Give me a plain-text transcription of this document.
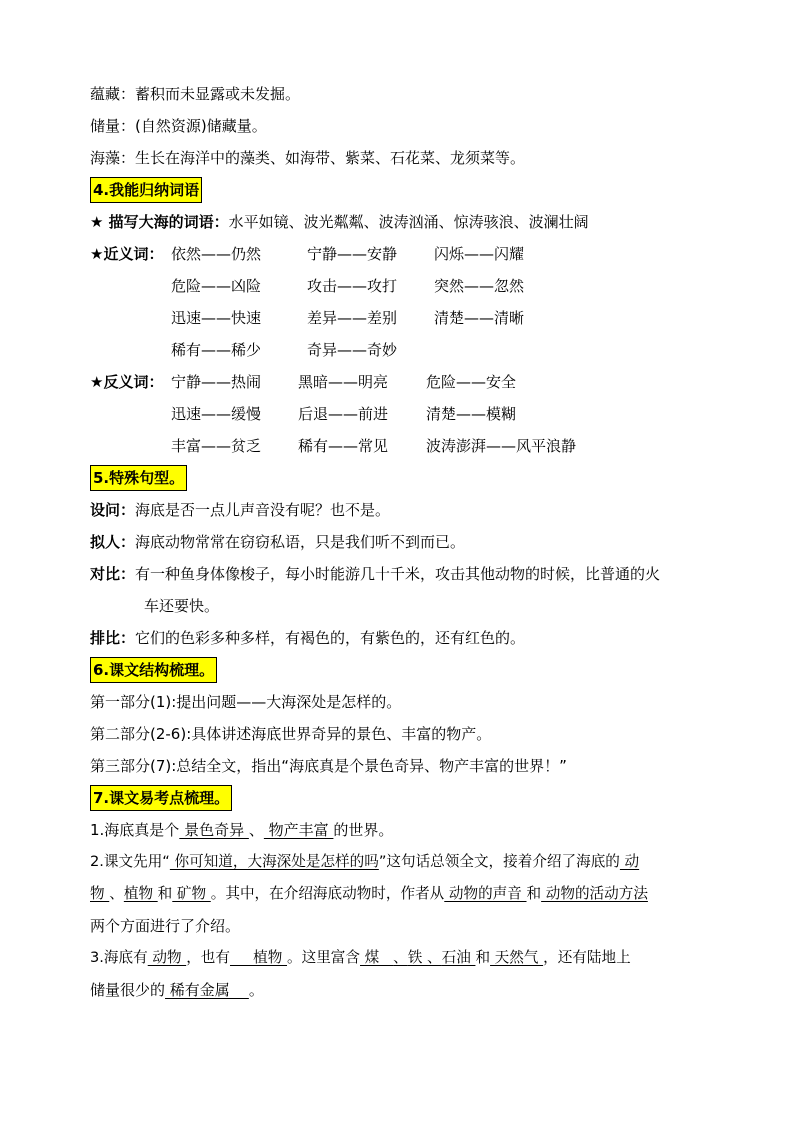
蕴藏：蓄积而未显露或未发掘。
储量：(自然资源)储藏量。
海藻：生长在海洋中的藻类、如海带、紫菜、石花菜、龙须菜等。
4.我能归纳词语
★ 描写大海的词语：水平如镜、波光粼粼、波涛汹涌、惊涛骇浪、波澜壮阔
★近义词： 依然——仍然	宁静——安静 闪烁——闪耀
危险——凶险	攻击——攻打 突然——忽然
迅速——快速	差异——差别 清楚——清晰
稀有——稀少	奇异——奇妙
★反义词： 宁静——热闹 黑暗——明亮	危险——安全
迅速——缓慢 后退——前进	清楚——模糊
丰富——贫乏 稀有——常见	波涛澎湃——风平浪静
5.特殊句型。
设问：海底是否一点儿声音没有呢？也不是。
拟人：海底动物常常在窃窃私语，只是我们听不到而已。
对比：有一种鱼身体像梭子，每小时能游几十千米，攻击其他动物的时候，比普通的火
车还要快。
排比：它们的色彩多种多样，有褐色的，有紫色的，还有红色的。
6.课文结构梳理。
第一部分(1):提出问题——大海深处是怎样的。
第二部分(2-6):具体讲述海底世界奇异的景色、丰富的物产。
第三部分(7):总结全文，指出“海底真是个景色奇异、物产丰富的世界！”
7.课文易考点梳理。
1.海底真是个 景色奇异 、 物产丰富 的世界。
2.课文先用“ 你可知道，大海深处是怎样的吗”这句话总领全文，接着介绍了海底的 动
物 、植物 和 矿物 。其中，在介绍海底动物时，作者从 动物的声音 和 动物的活动方法
两个方面进行了介绍。
3.海底有 动物 ，也有     植物 。这里富含 煤   、铁 、石油 和 天然气 ，还有陆地上
储量很少的 稀有金属    。
